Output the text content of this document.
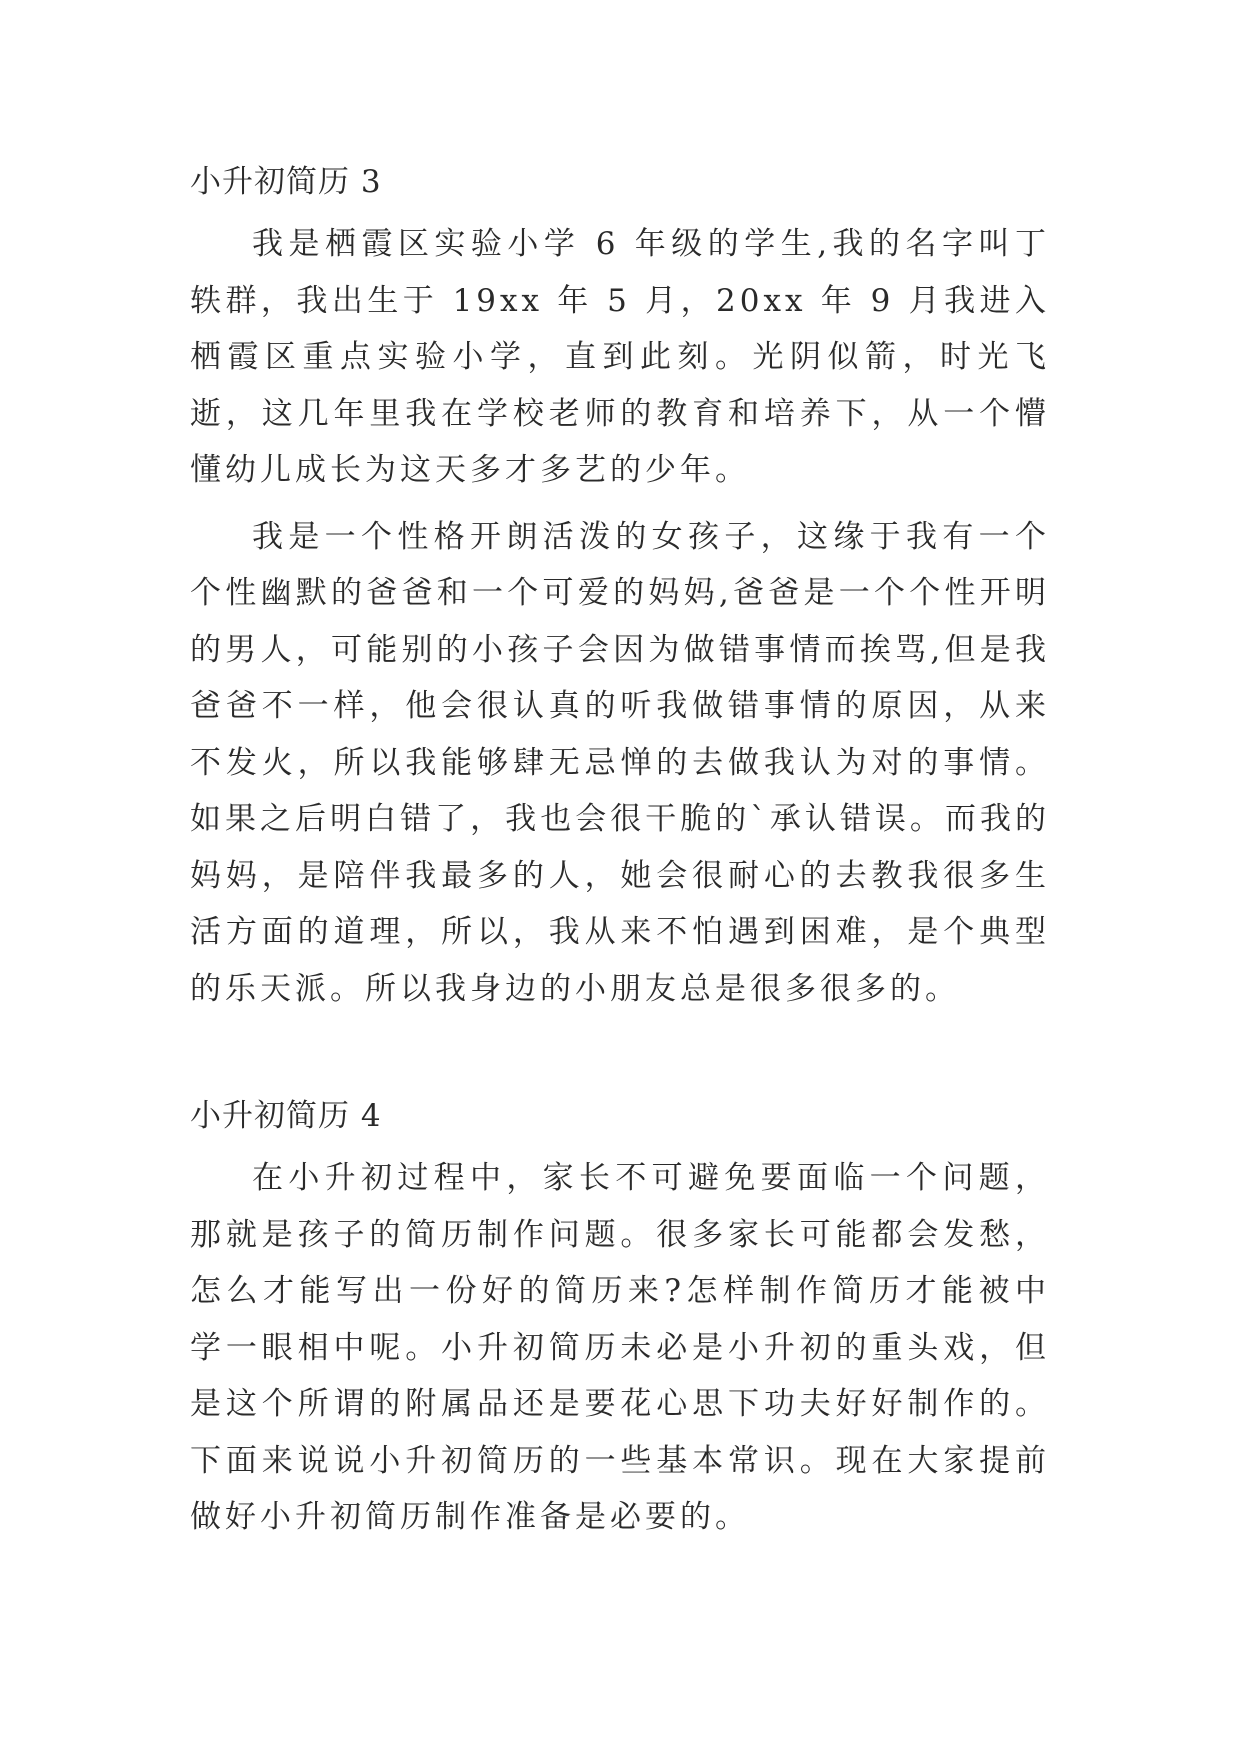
小升初简历 3

我是栖霞区实验小学 6 年级的学生,我的名字叫丁轶群，我出生于 19xx 年 5 月，20xx 年 9 月我进入栖霞区重点实验小学，直到此刻。光阴似箭，时光飞逝，这几年里我在学校老师的教育和培养下，从一个懵懂幼儿成长为这天多才多艺的少年。

我是一个性格开朗活泼的女孩子，这缘于我有一个个性幽默的爸爸和一个可爱的妈妈,爸爸是一个个性开明的男人，可能别的小孩子会因为做错事情而挨骂,但是我爸爸不一样，他会很认真的听我做错事情的原因，从来不发火，所以我能够肆无忌惮的去做我认为对的事情。如果之后明白错了，我也会很干脆的`承认错误。而我的妈妈，是陪伴我最多的人，她会很耐心的去教我很多生活方面的道理，所以，我从来不怕遇到困难，是个典型的乐天派。所以我身边的小朋友总是很多很多的。

小升初简历 4

在小升初过程中，家长不可避免要面临一个问题，那就是孩子的简历制作问题。很多家长可能都会发愁，怎么才能写出一份好的简历来?怎样制作简历才能被中学一眼相中呢。小升初简历未必是小升初的重头戏，但是这个所谓的附属品还是要花心思下功夫好好制作的。下面来说说小升初简历的一些基本常识。现在大家提前做好小升初简历制作准备是必要的。
